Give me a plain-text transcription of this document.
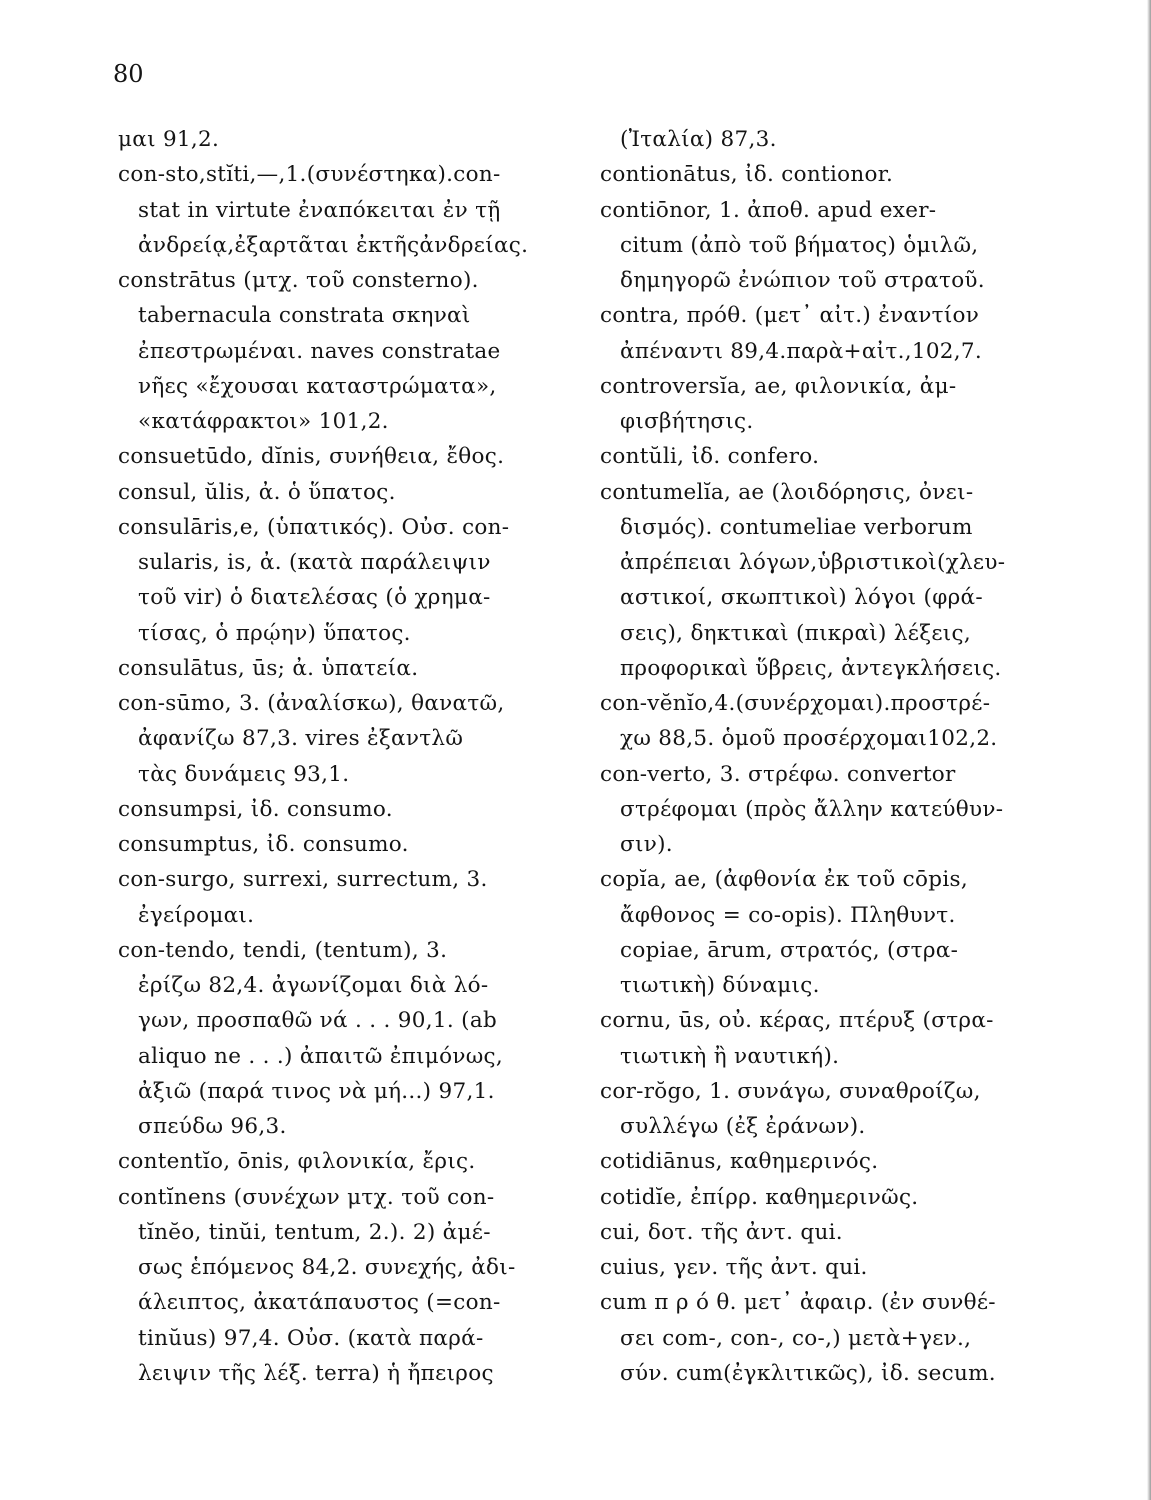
80
μαι 91,2.
con-sto,stĭti,—,1.(συνέστηκα).con-
stat in virtute ἐναπόκειται ἐν τῇ
ἀνδρείᾳ,ἐξαρτᾶται ἐκτῆςἀνδρείας.
constrātus (μτχ. τοῦ consterno).
tabernacula constrata σκηναὶ
ἐπεστρωμέναι. naves constratae
νῆες «ἔχουσαι καταστρώματα»,
«κατάφρακτοι» 101,2.
consuetūdo, dĭnis, συνήθεια, ἔθος.
consul, ŭlis, ἀ. ὁ ὕπατος.
consulāris,e, (ὑπατικός). Οὐσ. con-
sularis, is, ἀ. (κατὰ παράλειψιν
τοῦ vir) ὁ διατελέσας (ὁ χρημα-
τίσας, ὁ πρῴην) ὕπατος.
consulātus, ūs; ἀ. ὑπατεία.
con-sūmo, 3. (ἀναλίσκω), θανατῶ,
ἀφανίζω 87,3. vires ἐξαντλῶ
τὰς δυνάμεις 93,1.
consumpsi, ἰδ. consumo.
consumptus, ἰδ. consumo.
con-surgo, surrexi, surrectum, 3.
ἐγείρομαι.
con-tendo, tendi, (tentum), 3.
ἐρίζω 82,4. ἀγωνίζομαι διὰ λό-
γων, προσπαθῶ νά . . . 90,1. (ab
aliquo ne . . .) ἀπαιτῶ ἐπιμόνως,
ἀξιῶ (παρά τινος νὰ μή...) 97,1.
σπεύδω 96,3.
contentĭo, ōnis, φιλονικία, ἔρις.
contĭnens (συνέχων μτχ. τοῦ con-
tĭnĕo, tinŭi, tentum, 2.). 2) ἀμέ-
σως ἑπόμενος 84,2. συνεχής, ἀδι-
άλειπτος, ἀκατάπαυστος (=con-
tinŭus) 97,4. Οὐσ. (κατὰ παρά-
λειψιν τῆς λέξ. terra) ἡ ἤπειρος
(Ἰταλία) 87,3.
contionātus, ἰδ. contionor.
contiōnor, 1. ἀποθ. apud exer-
citum (ἀπὸ τοῦ βήματος) ὁμιλῶ,
δημηγορῶ ἐνώπιον τοῦ στρατοῦ.
contra, πρόθ. (μετ᾽ αἰτ.) ἐναντίον
ἀπέναντι 89,4.παρὰ+αἰτ.,102,7.
controversĭa, ae, φιλονικία, ἀμ-
φισβήτησις.
contŭli, ἰδ. confero.
contumelĭa, ae (λοιδόρησις, ὀνει-
δισμός). contumeliae verborum
ἀπρέπειαι λόγων,ὑβριστικοὶ(χλευ-
αστικοί, σκωπτικοὶ) λόγοι (φρά-
σεις), δηκτικαὶ (πικραὶ) λέξεις,
προφορικαὶ ὕβρεις, ἀντεγκλήσεις.
con-vĕnĭo,4.(συνέρχομαι).προστρέ-
χω 88,5. ὁμοῦ προσέρχομαι102,2.
con-verto, 3. στρέφω. convertor
στρέφομαι (πρὸς ἄλλην κατεύθυν-
σιν).
copĭa, ae, (ἀφθονία ἐκ τοῦ cōpis,
ἄφθονος = co-opis). Πληθυντ.
copiae, ārum, στρατός, (στρα-
τιωτικὴ) δύναμις.
cornu, ūs, οὐ. κέρας, πτέρυξ (στρα-
τιωτικὴ ἢ ναυτική).
cor-rŏgo, 1. συνάγω, συναθροίζω,
συλλέγω (ἐξ ἐράνων).
cotidiānus, καθημερινός.
cotidĭe, ἐπίρρ. καθημερινῶς.
cui, δοτ. τῆς ἀντ. qui.
cuius, γεν. τῆς ἀντ. qui.
cum π ρ ό θ. μετ᾽ ἀφαιρ. (ἐν συνθέ-
σει com-, con-, co-,) μετὰ+γεν.,
σύν. cum(ἐγκλιτικῶς), ἰδ. secum.
